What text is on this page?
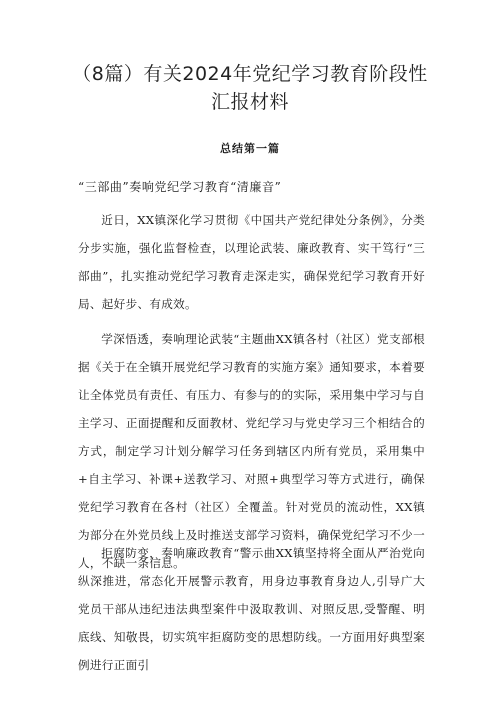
（8篇）有关2024年党纪学习教育阶段性
汇报材料
总结第一篇
“三部曲”奏响党纪学习教育“清廉音”

近日，XX镇深化学习贯彻《中国共产党纪律处分条例》，分类分步实施，强化监督检查，以理论武装、廉政教育、实干笃行“三部曲”，扎实推动党纪学习教育走深走实，确保党纪学习教育开好局、起好步、有成效。

学深悟透，奏响理论武装“主题曲XX镇各村（社区）党支部根据《关于在全镇开展党纪学习教育的实施方案》通知要求，本着要让全体党员有责任、有压力、有参与的的实际，采用集中学习与自主学习、正面提醒和反面教材、党纪学习与党史学习三个相结合的方式，制定学习计划分解学习任务到辖区内所有党员，采用集中+自主学习、补课+送教学习、对照+典型学习等方式进行，确保党纪学习教育在各村（社区）全覆盖。针对党员的流动性，XX镇为部分在外党员线上及时推送支部学习资料，确保党纪学习不少一人，不缺一条信息。

拒腐防变，奏响廉政教育“警示曲XX镇坚持将全面从严治党向纵深推进，常态化开展警示教育，用身边事教育身边人,引导广大党员干部从违纪违法典型案件中汲取教训、对照反思,受警醒、明底线、知敬畏，切实筑牢拒腐防变的思想防线。一方面用好典型案例进行正面引
